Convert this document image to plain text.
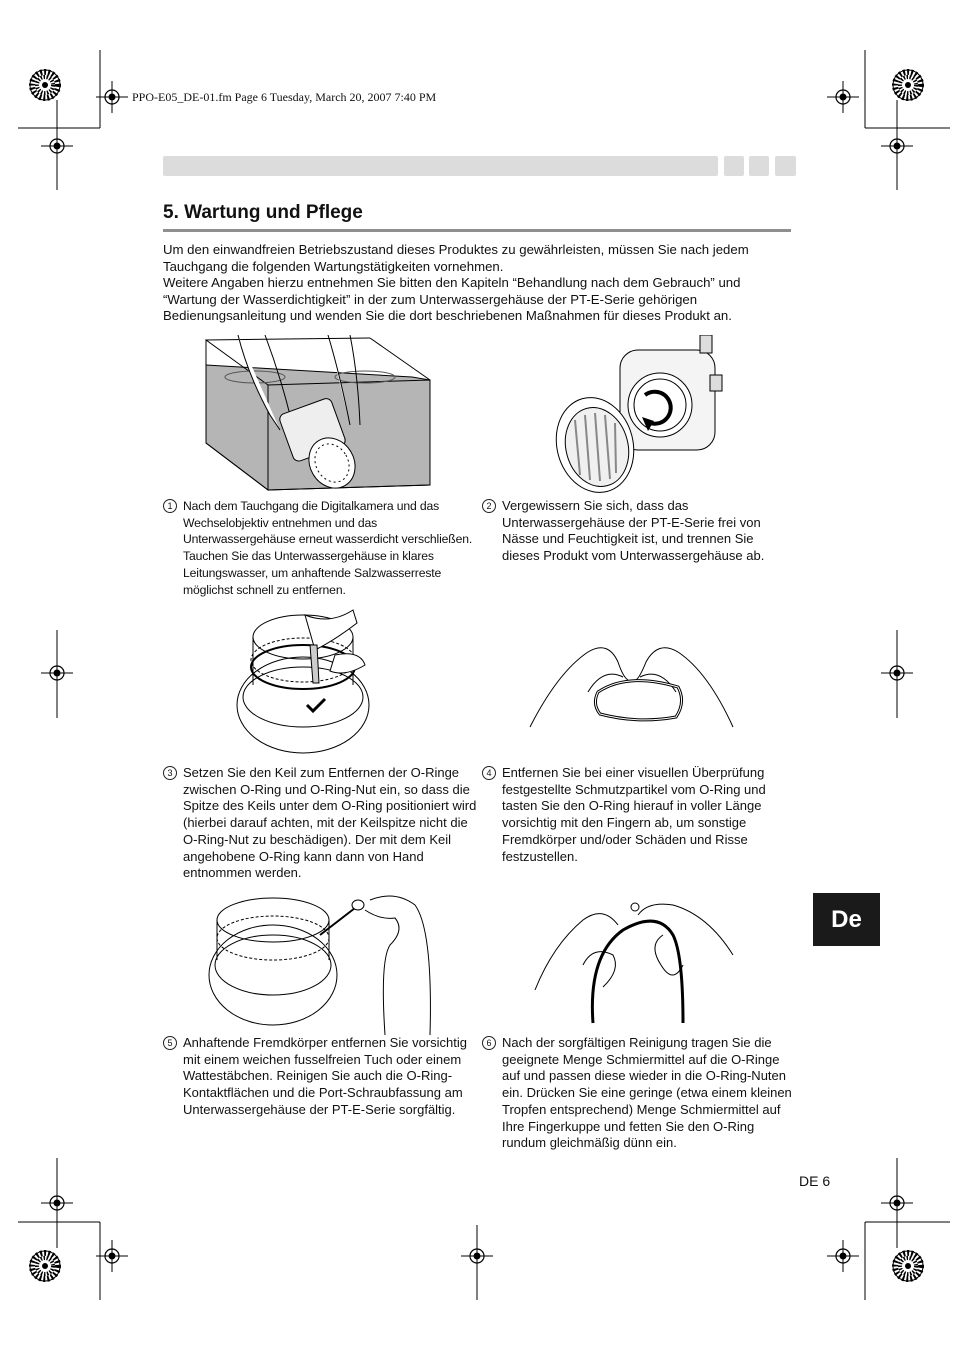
PPO-E05_DE-01.fm Page 6 Tuesday, March 20, 2007 7:40 PM
5. Wartung und Pflege

Um den einwandfreien Betriebszustand dieses Produktes zu gewährleisten, müssen Sie nach jedem Tauchgang die folgenden Wartungstätigkeiten vornehmen.

Weitere Angaben hierzu entnehmen Sie bitten den Kapiteln “Behandlung nach dem Gebrauch” und “Wartung der Wasserdichtigkeit” in der zum Unterwassergehäuse der PT-E-Serie gehörigen Bedienungsanleitung und wenden Sie die dort beschriebenen Maßnahmen für dieses Produkt an.

1 Nach dem Tauchgang die Digitalkamera und das Wechselobjektiv entnehmen und das Unterwassergehäuse erneut wasserdicht verschließen. Tauchen Sie das Unterwassergehäuse in klares Leitungswasser, um anhaftende Salzwasserreste möglichst schnell zu entfernen.
2 Vergewissern Sie sich, dass das Unterwassergehäuse der PT-E-Serie frei von Nässe und Feuchtigkeit ist, und trennen Sie dieses Produkt vom Unterwassergehäuse ab.
3 Setzen Sie den Keil zum Entfernen der O-Ringe zwischen O-Ring und O-Ring-Nut ein, so dass die Spitze des Keils unter dem O-Ring positioniert wird (hierbei darauf achten, mit der Keilspitze nicht die O-Ring-Nut zu beschädigen). Der mit dem Keil angehobene O-Ring kann dann von Hand entnommen werden.
4 Entfernen Sie bei einer visuellen Überprüfung festgestellte Schmutzpartikel vom O-Ring und tasten Sie den O-Ring hierauf in voller Länge vorsichtig mit den Fingern ab, um sonstige Fremdkörper und/oder Schäden und Risse festzustellen.
5 Anhaftende Fremdkörper entfernen Sie vorsichtig mit einem weichen fusselfreien Tuch oder einem Wattestäbchen. Reinigen Sie auch die O-Ring-Kontaktflächen und die Port-Schraubfassung am Unterwassergehäuse der PT-E-Serie sorgfältig.
6 Nach der sorgfältigen Reinigung tragen Sie die geeignete Menge Schmiermittel auf die O-Ringe auf und passen diese wieder in die O-Ring-Nuten ein. Drücken Sie eine geringe (etwa einem kleinen Tropfen entsprechend) Menge Schmiermittel auf Ihre Fingerkuppe und fetten Sie den O-Ring rundum gleichmäßig dünn ein.
De
DE 6
